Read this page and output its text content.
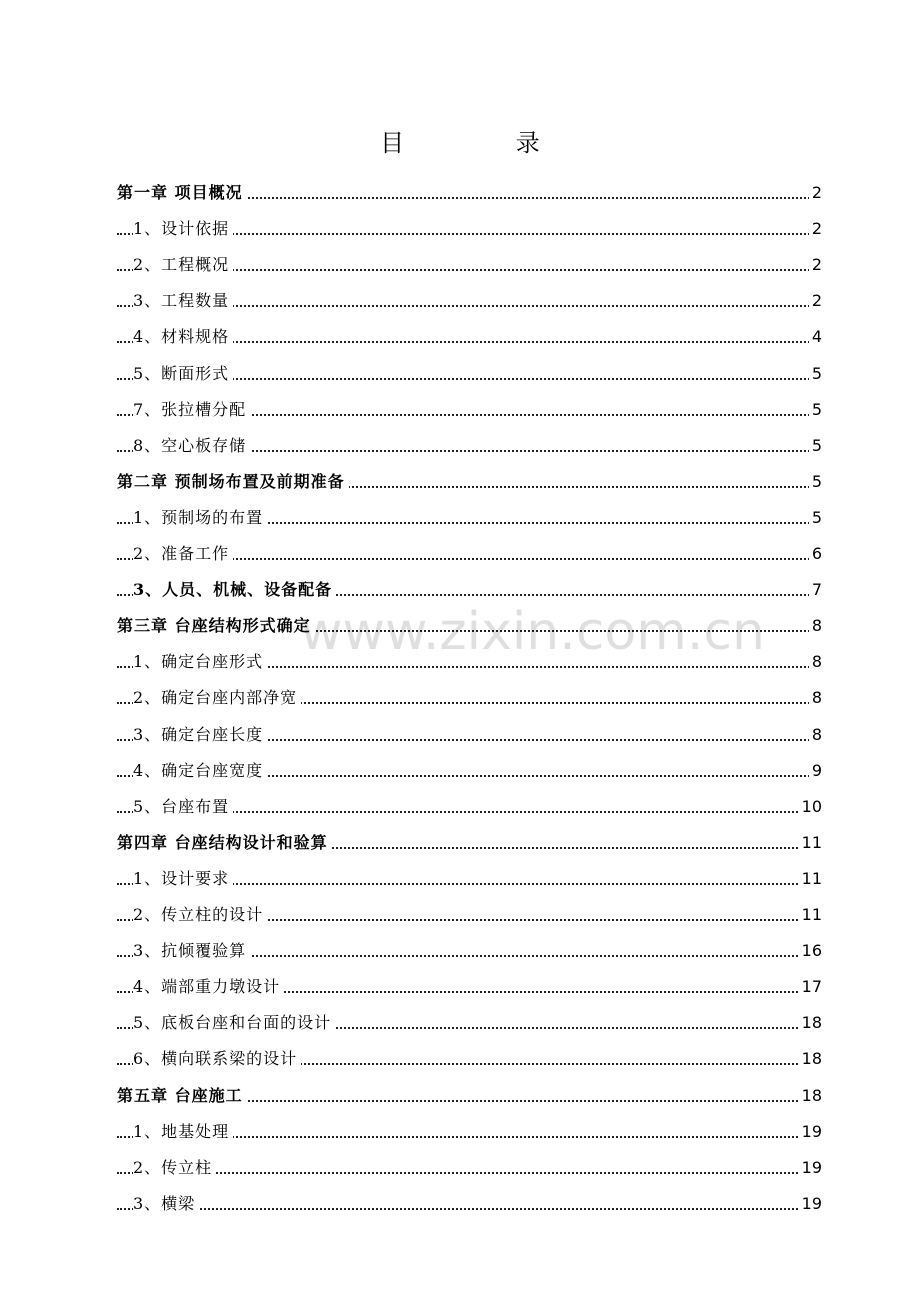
目 录
第一章 项目概况	2
1、设计依据	2
2、工程概况	2
3、工程数量	2
4、材料规格	4
5、断面形式	5
7、张拉槽分配	5
8、空心板存储	5
第二章 预制场布置及前期准备	5
1、预制场的布置	5
2、准备工作	6
3、人员、机械、设备配备	7
第三章 台座结构形式确定	8
1、确定台座形式	8
2、确定台座内部净宽	8
3、确定台座长度	8
4、确定台座宽度	9
5、台座布置	10
第四章 台座结构设计和验算	11
1、设计要求	11
2、传立柱的设计	11
3、抗倾覆验算	16
4、端部重力墩设计	17
5、底板台座和台面的设计	18
6、横向联系梁的设计	18
第五章 台座施工	18
1、地基处理	19
2、传立柱	19
3、横梁	19
www.zixin.com.cn
